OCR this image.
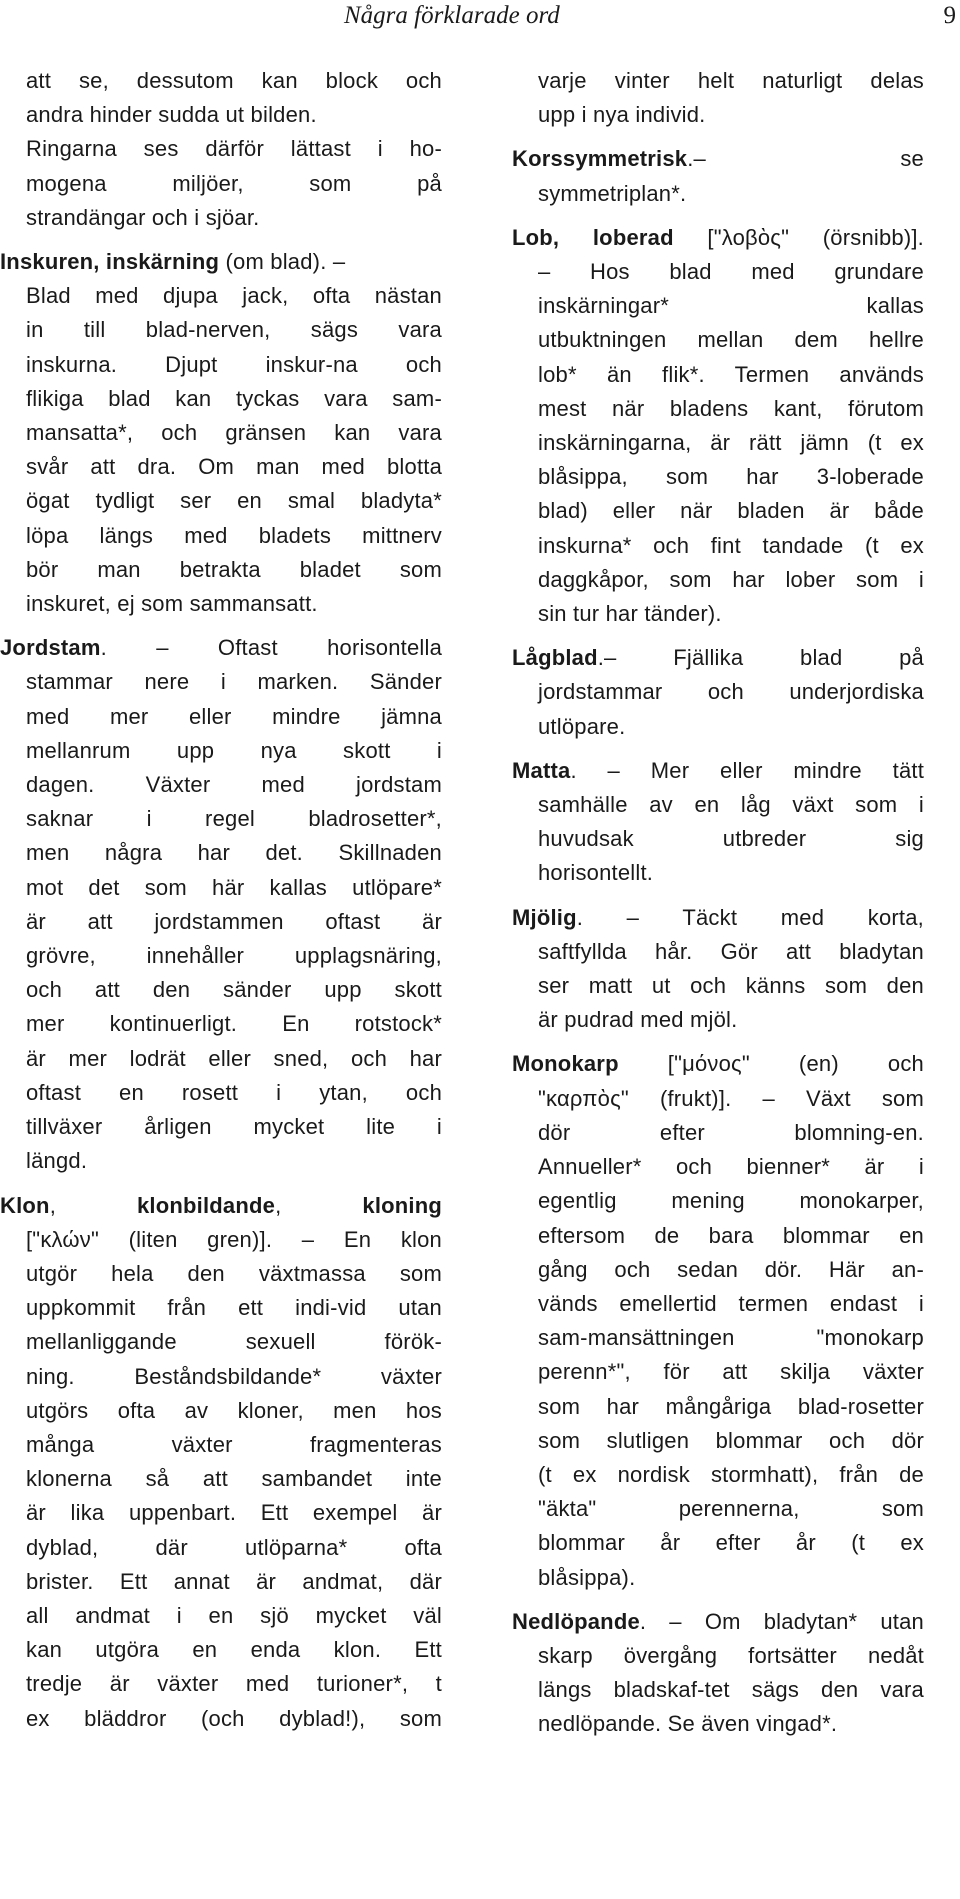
Några förklarade ord	9
att se, dessutom kan block och
andra hinder sudda ut bilden.
Ringarna ses därför lättast i ho-
mogena miljöer, som på
strandängar och i sjöar.
Inskuren, inskärning (om blad). –
Blad med djupa jack, ofta nästan
in till blad-nerven, sägs vara
inskurna. Djupt inskur-na och
flikiga blad kan tyckas vara sam-
mansatta*, och gränsen kan vara
svår att dra. Om man med blotta
ögat tydligt ser en smal bladyta*
löpa längs med bladets mittnerv
bör man betrakta bladet som
inskuret, ej som sammansatt.
Jordstam. – Oftast horisontella
stammar nere i marken. Sänder
med mer eller mindre jämna
mellanrum upp nya skott i
dagen. Växter med jordstam
saknar i regel bladrosetter*,
men några har det. Skillnaden
mot det som här kallas utlöpare*
är att jordstammen oftast är
grövre, innehåller upplagsnäring,
och att den sänder upp skott
mer kontinuerligt. En rotstock*
är mer lodrät eller sned, och har
oftast en rosett i ytan, och
tillväxer årligen mycket lite i
längd.
Klon, klonbildande, kloning
["κλών" (liten gren)]. – En klon
utgör hela den växtmassa som
uppkommit från ett indi-vid utan
mellanliggande sexuell förök-
ning. Beståndsbildande* växter
utgörs ofta av kloner, men hos
många växter fragmenteras
klonerna så att sambandet inte
är lika uppenbart. Ett exempel är
dyblad, där utlöparna* ofta
brister. Ett annat är andmat, där
all andmat i en sjö mycket väl
kan utgöra en enda klon. Ett
tredje är växter med turioner*, t
ex bläddror (och dyblad!), som
varje vinter helt naturligt delas
upp i nya individ.
Korssymmetrisk.– se
symmetriplan*.
Lob, loberad ["λοβὸς" (örsnibb)].
– Hos blad med grundare
inskärningar* kallas
utbuktningen mellan dem hellre
lob* än flik*. Termen används
mest när bladens kant, förutom
inskärningarna, är rätt jämn (t ex
blåsippa, som har 3-loberade
blad) eller när bladen är både
inskurna* och fint tandade (t ex
daggkåpor, som har lober som i
sin tur har tänder).
Lågblad.– Fjällika blad på
jordstammar och underjordiska
utlöpare.
Matta. – Mer eller mindre tätt
samhälle av en låg växt som i
huvudsak utbreder sig
horisontellt.
Mjölig. – Täckt med korta,
saftfyllda hår. Gör att bladytan
ser matt ut och känns som den
är pudrad med mjöl.
Monokarp ["μόνος" (en) och
"καρπὸς" (frukt)]. – Växt som
dör efter blomning-en.
Annueller* och bienner* är i
egentlig mening monokarper,
eftersom de bara blommar en
gång och sedan dör. Här an-
vänds emellertid termen endast i
sam-mansättningen "monokarp
perenn*", för att skilja växter
som har mångåriga blad-rosetter
som slutligen blommar och dör
(t ex nordisk stormhatt), från de
"äkta" perennerna, som
blommar år efter år (t ex
blåsippa).
Nedlöpande. – Om bladytan* utan
skarp övergång fortsätter nedåt
längs bladskaf-tet sägs den vara
nedlöpande. Se även vingad*.
